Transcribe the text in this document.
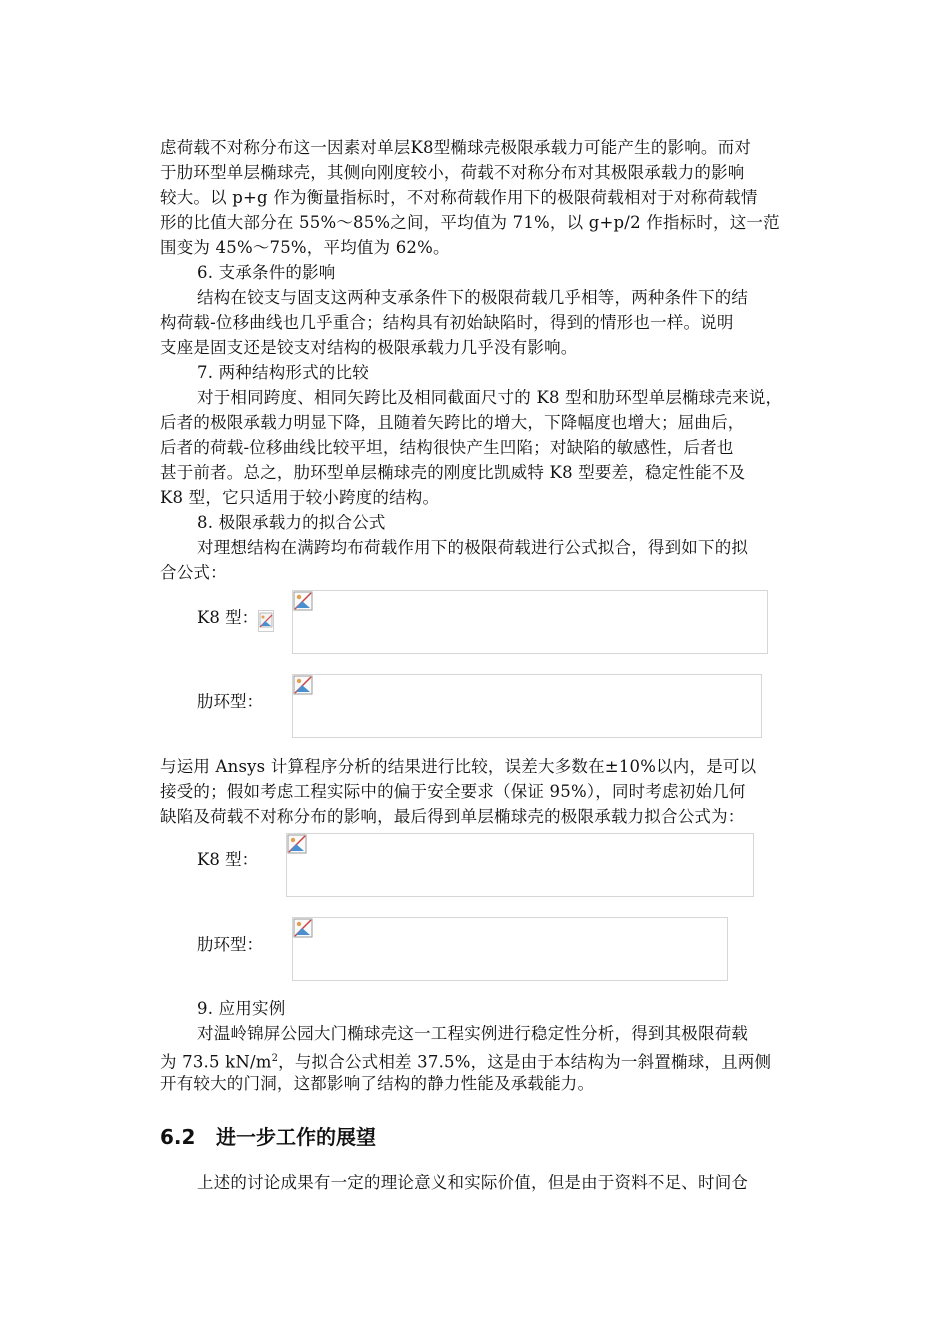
虑荷载不对称分布这一因素对单层K8型椭球壳极限承载力可能产生的影响。而对
于肋环型单层椭球壳，其侧向刚度较小，荷载不对称分布对其极限承载力的影响
较大。以 p+g 作为衡量指标时，不对称荷载作用下的极限荷载相对于对称荷载情
形的比值大部分在 55%～85%之间，平均值为 71%，以 g+p/2 作指标时，这一范
围变为 45%～75%，平均值为 62%。
6. 支承条件的影响
结构在铰支与固支这两种支承条件下的极限荷载几乎相等，两种条件下的结
构荷载-位移曲线也几乎重合；结构具有初始缺陷时，得到的情形也一样。说明
支座是固支还是铰支对结构的极限承载力几乎没有影响。
7. 两种结构形式的比较
对于相同跨度、相同矢跨比及相同截面尺寸的 K8 型和肋环型单层椭球壳来说，
后者的极限承载力明显下降，且随着矢跨比的增大，下降幅度也增大；屈曲后，
后者的荷载-位移曲线比较平坦，结构很快产生凹陷；对缺陷的敏感性，后者也
甚于前者。总之，肋环型单层椭球壳的刚度比凯威特 K8 型要差，稳定性能不及
K8 型，它只适用于较小跨度的结构。
8. 极限承载力的拟合公式
对理想结构在满跨均布荷载作用下的极限荷载进行公式拟合，得到如下的拟
合公式：
K8 型：
肋环型：
与运用 Ansys 计算程序分析的结果进行比较，误差大多数在±10%以内，是可以
接受的；假如考虑工程实际中的偏于安全要求（保证 95%），同时考虑初始几何
缺陷及荷载不对称分布的影响，最后得到单层椭球壳的极限承载力拟合公式为：
K8 型：
肋环型：
9. 应用实例
对温岭锦屏公园大门椭球壳这一工程实例进行稳定性分析，得到其极限荷载
为 73.5 $kN/m^2$，与拟合公式相差 37.5%，这是由于本结构为一斜置椭球，且两侧
开有较大的门洞，这都影响了结构的静力性能及承载能力。
6.2 进一步工作的展望
上述的讨论成果有一定的理论意义和实际价值，但是由于资料不足、时间仓
